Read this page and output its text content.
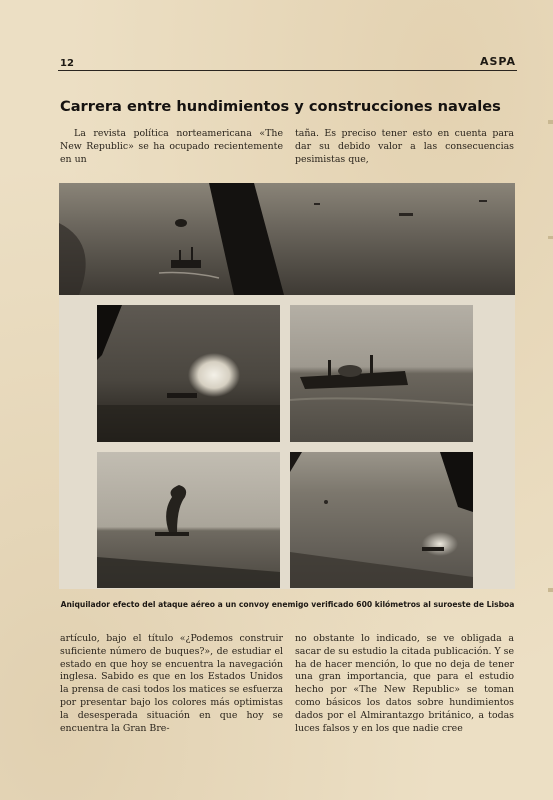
12	ASPA
Carrera entre hundimientos y construcciones navales

La revista política norteamericana «The New Republic» se ha ocupado recientemente en un

taña. Es preciso tener esto en cuenta para dar su debido valor a las consecuencias pesimistas que,

Aniquilador efecto del ataque aéreo a un convoy enemigo verificado 600 kilómetros al suroeste de Lisboa

artículo, bajo el título «¿Podemos construir suficiente número de buques?», de estudiar el estado en que hoy se encuentra la navegación inglesa. Sabido es que en los Estados Unidos la prensa de casi todos los matices se esfuerza por presentar bajo los colores más optimistas la desesperada situación en que hoy se encuentra la Gran Bre-

no obstante lo indicado, se ve obligada a sacar de su estudio la citada publicación. Y se ha de hacer mención, lo que no deja de tener una gran importancia, que para el estudio hecho por «The New Republic» se toman como básicos los datos sobre hundimientos dados por el Almirantazgo británico, a todas luces falsos y en los que nadie cree
